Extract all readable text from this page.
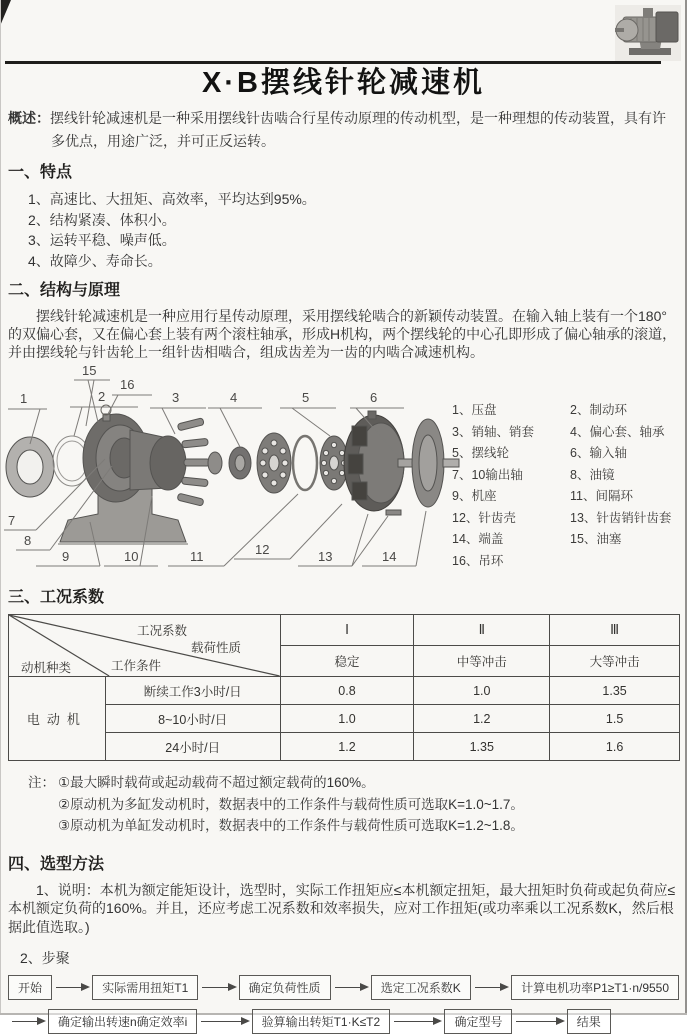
X·B摆线针轮减速机

概述：摆线针轮减速机是一种采用摆线针齿啮合行星传动原理的传动机型，是一种理想的传动装置，具有许多优点，用途广泛，并可正反运转。

一、特点
1、高速比、大扭矩、高效率，平均达到95%。
2、结构紧凑、体积小。
3、运转平稳、噪声低。
4、故障少、寿命长。
二、结构与原理

摆线针轮减速机是一种应用行星传动原理，采用摆线轮啮合的新颖传动装置。在输入轴上装有一个180°的双偏心套，又在偏心套上装有两个滚柱轴承，形成H机构，两个摆线轮的中心孔即形成了偏心轴承的滚道，并由摆线轮与针齿轮上一组针齿相啮合，组成齿差为一齿的内啮合减速机构。

1	2	3	4	5	6
7
8
9	10	11	12	13	14
15
16
1、压盘	2、制动环
3、销轴、销套	4、偏心套、轴承
5、摆线轮	6、输入轴
7、10输出轴	8、油镜
9、机座	11、间隔环
12、针齿壳	13、针齿销针齿套
14、端盖	15、油塞
16、吊环
三、工况系数
工况系数
载荷性质
工作条件
动机种类		Ⅰ	Ⅱ	Ⅲ
		稳定	中等冲击	大等冲击
电动机	断续工作3小时/日	0.8	1.0	1.35
	8~10小时/日	1.0	1.2	1.5
	24小时/日	1.2	1.35	1.6
注： ①最大瞬时载荷或起动载荷不超过额定载荷的160%。
②原动机为多缸发动机时，数据表中的工作条件与载荷性质可选取K=1.0~1.7。
③原动机为单缸发动机时，数据表中的工作条件与载荷性质可选取K=1.2~1.8。
四、选型方法

1、说明：本机为额定能矩设计，选型时，实际工作扭矩应≤本机额定扭矩，最大扭矩时负荷或起负荷应≤本机额定负荷的160%。并且，还应考虑工况系数和效率损失，应对工作扭矩(或功率乘以工况系数K，然后根据此值选取。)

2、步聚
开始	实际需用扭矩T1	确定负荷性质	选定工况系数K	计算电机功率P1≥T1·n/9550
确定输出转速n确定效率i	验算输出转矩T1·K≤T2	确定型号	结果
